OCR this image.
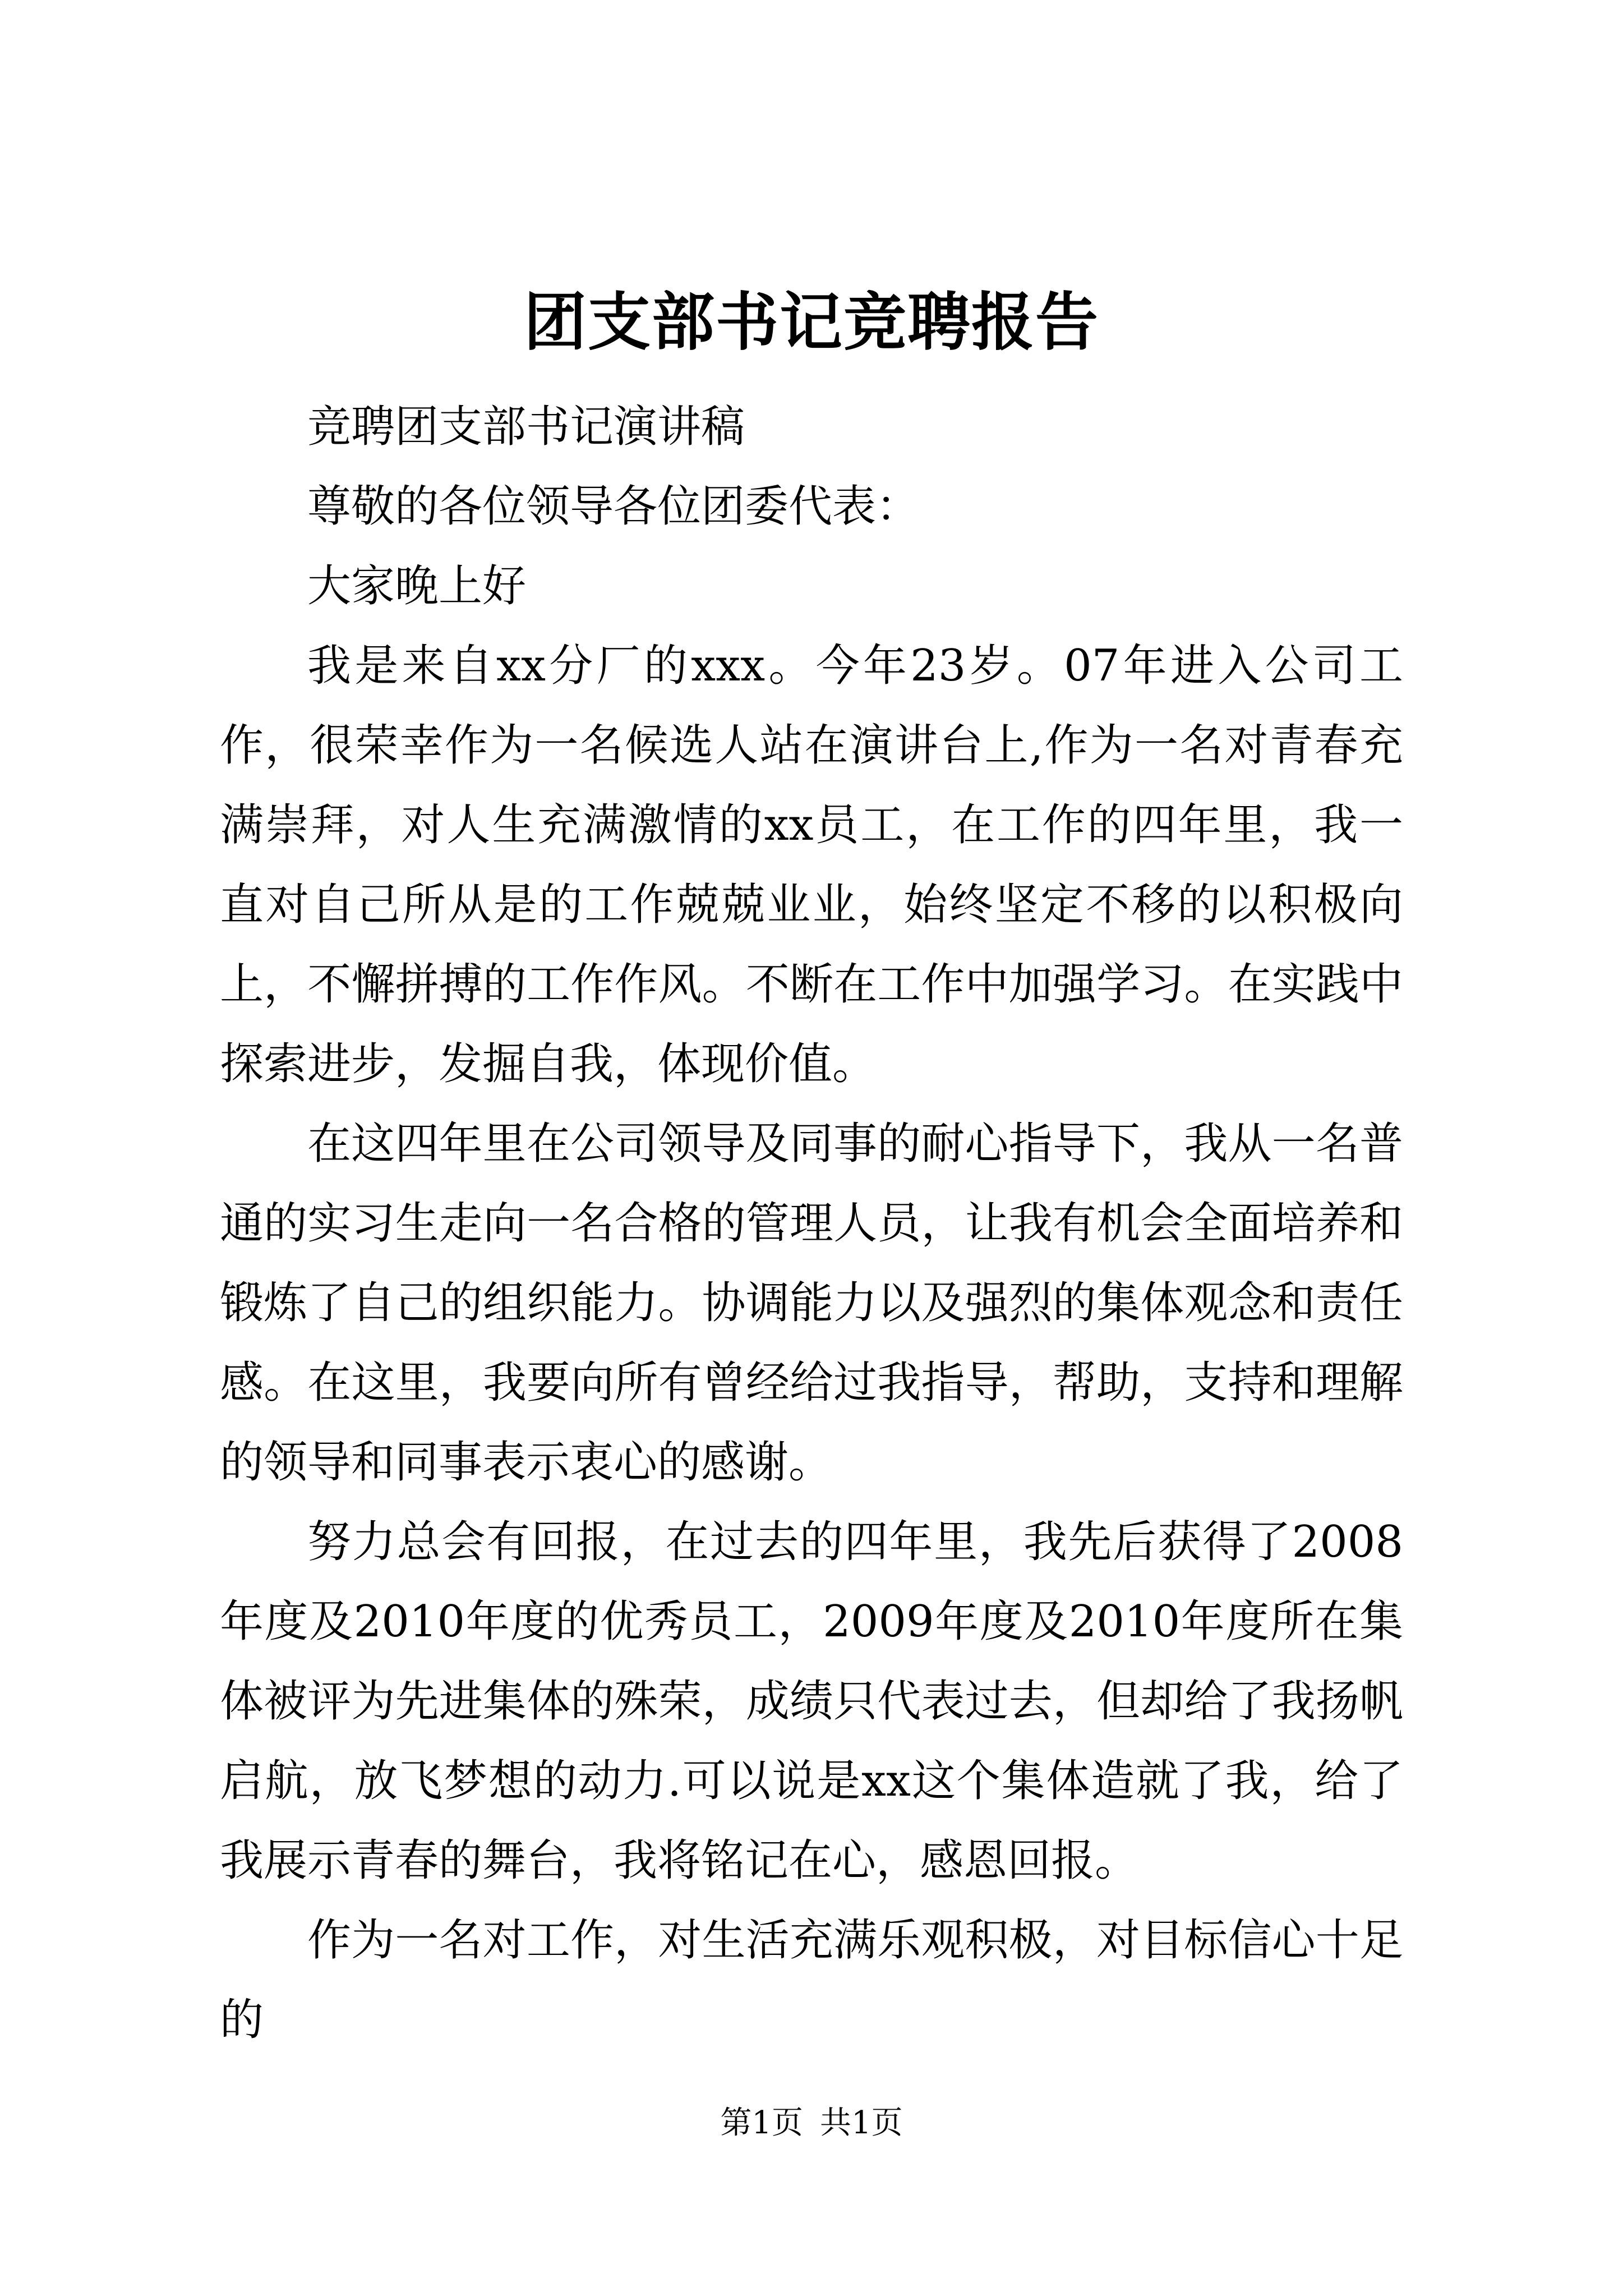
团支部书记竞聘报告

竞聘团支部书记演讲稿

尊敬的各位领导各位团委代表：

大家晚上好

我是来自xx分厂的xxx。今年23岁。07年进入公司工作，很荣幸作为一名候选人站在演讲台上,作为一名对青春充满崇拜，对人生充满激情的xx员工，在工作的四年里，我一直对自己所从是的工作兢兢业业，始终坚定不移的以积极向上，不懈拼搏的工作作风。不断在工作中加强学习。在实践中探索进步，发掘自我，体现价值。

在这四年里在公司领导及同事的耐心指导下，我从一名普通的实习生走向一名合格的管理人员，让我有机会全面培养和锻炼了自己的组织能力。协调能力以及强烈的集体观念和责任感。在这里，我要向所有曾经给过我指导，帮助，支持和理解的领导和同事表示衷心的感谢。

努力总会有回报，在过去的四年里，我先后获得了2008年度及2010年度的优秀员工，2009年度及2010年度所在集体被评为先进集体的殊荣，成绩只代表过去，但却给了我扬帆启航，放飞梦想的动力.可以说是xx这个集体造就了我，给了我展示青春的舞台，我将铭记在心，感恩回报。

作为一名对工作，对生活充满乐观积极，对目标信心十足的

第1页 共1页
